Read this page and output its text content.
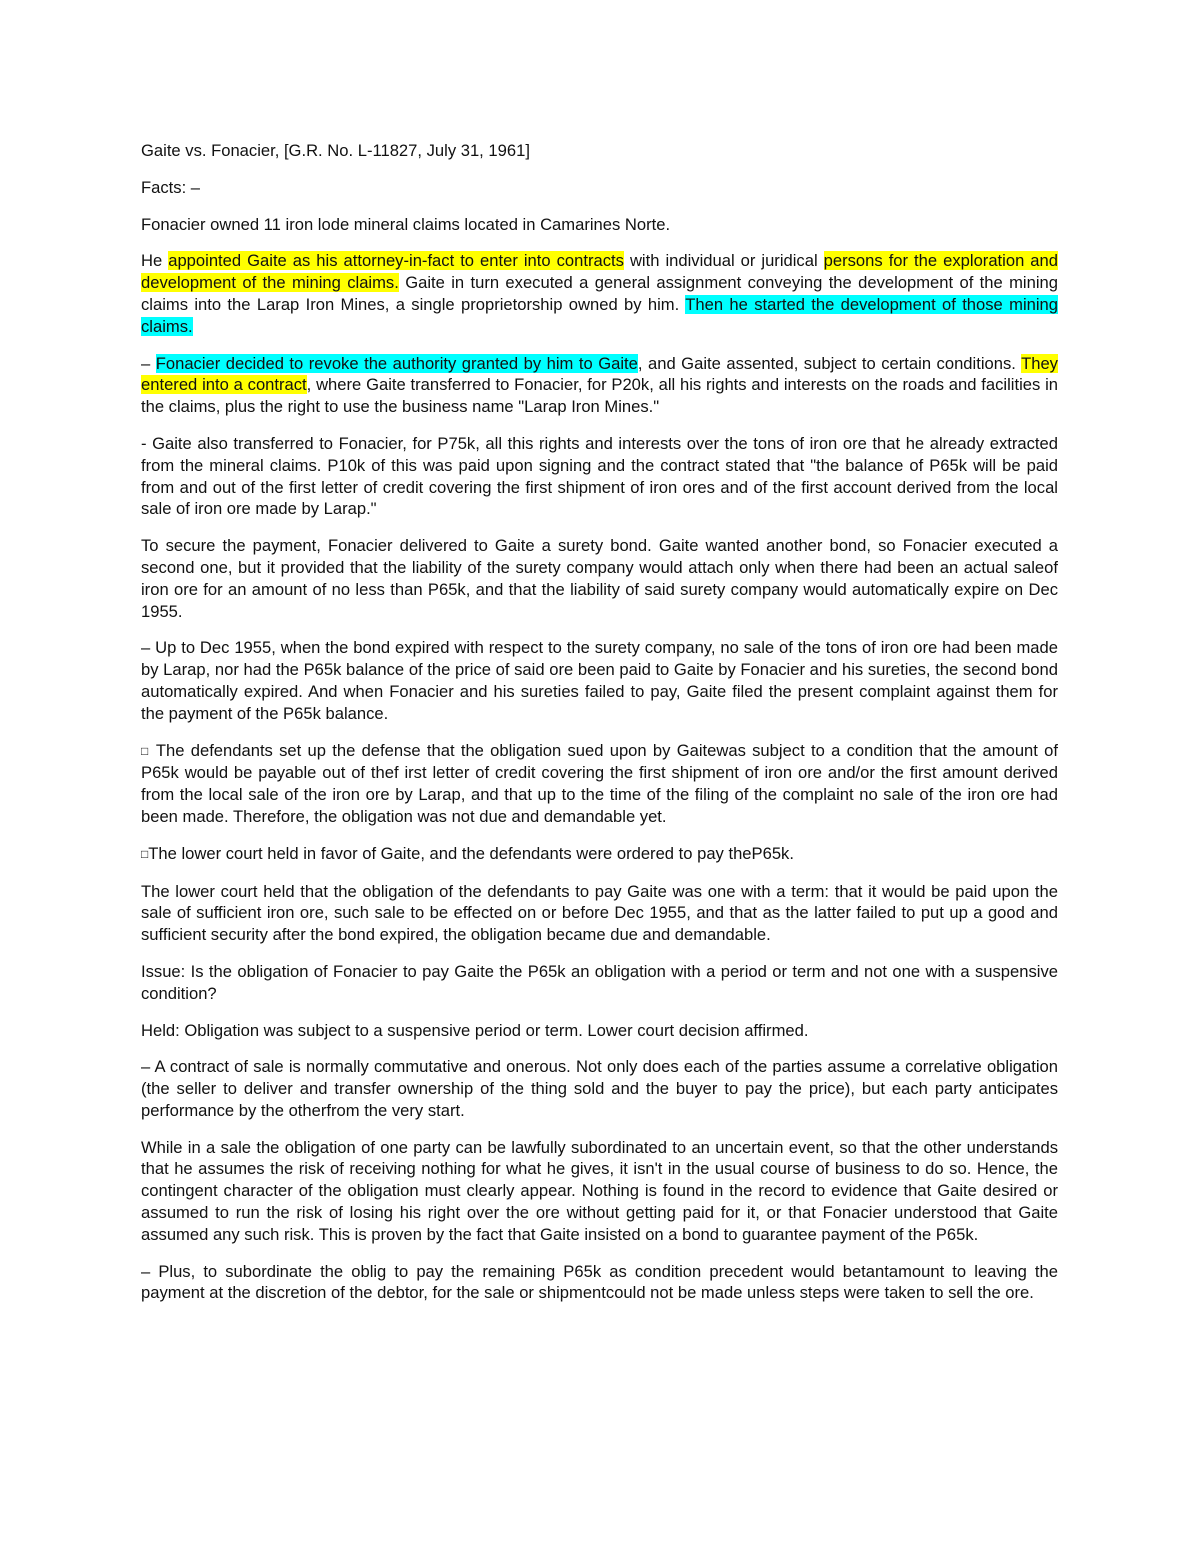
Gaite vs. Fonacier, [G.R. No. L-11827, July 31, 1961]

Facts: –

Fonacier owned 11 iron lode mineral claims located in Camarines Norte.

He appointed Gaite as his attorney-in-fact to enter into contracts with individual or juridical persons for the exploration and development of the mining claims. Gaite in turn executed a general assignment conveying the development of the mining claims into the Larap Iron Mines, a single proprietorship owned by him. Then he started the development of those mining claims.

– Fonacier decided to revoke the authority granted by him to Gaite, and Gaite assented, subject to certain conditions. They entered into a contract, where Gaite transferred to Fonacier, for P20k, all his rights and interests on the roads and facilities in the claims, plus the right to use the business name "Larap Iron Mines."

- Gaite also transferred to Fonacier, for P75k, all this rights and interests over the tons of iron ore that he already extracted from the mineral claims. P10k of this was paid upon signing and the contract stated that "the balance of P65k will be paid from and out of the first letter of credit covering the first shipment of iron ores and of the first account derived from the local sale of iron ore made by Larap."

To secure the payment, Fonacier delivered to Gaite a surety bond. Gaite wanted another bond, so Fonacier executed a second one, but it provided that the liability of the surety company would attach only when there had been an actual saleof iron ore for an amount of no less than P65k, and that the liability of said surety company would automatically expire on Dec 1955.

– Up to Dec 1955, when the bond expired with respect to the surety company, no sale of the tons of iron ore had been made by Larap, nor had the P65k balance of the price of said ore been paid to Gaite by Fonacier and his sureties, the second bond automatically expired. And when Fonacier and his sureties failed to pay, Gaite filed the present complaint against them for the payment of the P65k balance.

□ The defendants set up the defense that the obligation sued upon by Gaitewas subject to a condition that the amount of P65k would be payable out of thef irst letter of credit covering the first shipment of iron ore and/or the first amount derived from the local sale of the iron ore by Larap, and that up to the time of the filing of the complaint no sale of the iron ore had been made. Therefore, the obligation was not due and demandable yet.

□The lower court held in favor of Gaite, and the defendants were ordered to pay theP65k.

The lower court held that the obligation of the defendants to pay Gaite was one with a term: that it would be paid upon the sale of sufficient iron ore, such sale to be effected on or before Dec 1955, and that as the latter failed to put up a good and sufficient security after the bond expired, the obligation became due and demandable.

Issue: Is the obligation of Fonacier to pay Gaite the P65k an obligation with a period or term and not one with a suspensive condition?

Held: Obligation was subject to a suspensive period or term. Lower court decision affirmed.

– A contract of sale is normally commutative and onerous. Not only does each of the parties assume a correlative obligation (the seller to deliver and transfer ownership of the thing sold and the buyer to pay the price), but each party anticipates performance by the otherfrom the very start.

While in a sale the obligation of one party can be lawfully subordinated to an uncertain event, so that the other understands that he assumes the risk of receiving nothing for what he gives, it isn't in the usual course of business to do so. Hence, the contingent character of the obligation must clearly appear. Nothing is found in the record to evidence that Gaite desired or assumed to run the risk of losing his right over the ore without getting paid for it, or that Fonacier understood that Gaite assumed any such risk. This is proven by the fact that Gaite insisted on a bond to guarantee payment of the P65k.

– Plus, to subordinate the oblig to pay the remaining P65k as condition precedent would betantamount to leaving the payment at the discretion of the debtor, for the sale or shipmentcould not be made unless steps were taken to sell the ore.
